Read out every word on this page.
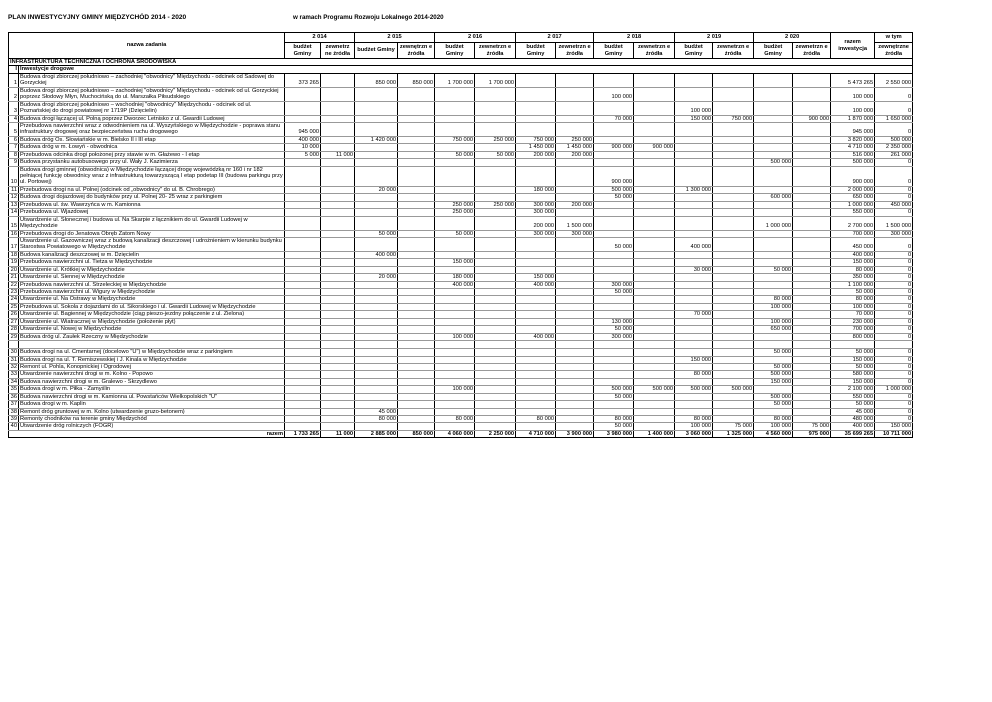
PLAN INWESTYCYJNY GMINY MIĘDZYCHÓD 2014 - 2020	w ramach Programu Rozwoju Lokalnego 2014-2020
nazwa zadania		2 014		2 015		2 016		2 017		2 018		2 019		2 020		razem inwestycja	w tym
		budżet Gminy	zewnetrz ne źródła	budżet Gminy	zewnętrzn e źródła	budżet Gminy	zewnetrzn e źródła	budżet Gminy	zewnetrzn e źródła	budżet Gminy	zewnetrzn e źródła	budżet Gminy	zewnetrzn e źródła	budżet Gminy	zewnetrzn e źródła		zewnętrzne źródła
INFRASTRUKTURA TECHNICZNA i OCHRONA ŚRODOWISKA																	
I	Inwestycje drogowe																
1	Budowa drogi zbiorczej południowo – zachodniej "obwodnicy" Międzychodu - odcinek od Sadowej do Gorzyckiej	373 265		850 000	850 000	1 700 000	1 700 000									5 473 265	2 550 000
2	Budowa drogi zbiorczej południowo – zachodniej "obwodnicy" Międzychodu - odcinek od ul. Gorzyckiej poprzez Słodowy Młyn, Muchocińską do ul. Marszałka Piłsudskiego									100 000						100 000	0
3	Budowa drogi zbiorczej południowo – wschodniej "obwodnicy" Międzychodu - odcinek od ul. Poznańskiej do drogi powiatowej nr 1719P (Dzięcielin)											100 000				100 000	0
4	Budowa drogi łączącej ul. Polną poprzez Dworzec Letnisko z ul. Gwardii Ludowej									70 000		150 000	750 000		900 000	1 870 000	1 650 000
5	Przebudowa nawierzchni wraz z odwodnieniem na ul. Wyszyńskiego w Międzychodzie - poprawa stanu infrastruktury drogowej oraz bezpieczeństwa ruchu drogowego	945 000														945 000	0
6	Budowa dróg Os. Słowiańskie w m. Bielsko II i III etap	400 000		1 420 000		750 000	250 000	750 000	250 000							3 820 000	500 000
7	Budowa dróg w m. Łowyń - obwodnica	10 000						1 450 000	1 450 000	900 000	900 000					4 710 000	2 350 000
8	Przebudowa odcinka drogi położonej przy stawie w m. Głażewo - I etap	5 000	11 000			50 000	50 000	200 000	200 000							516 000	261 000
9	Budowa przystanku autobusowego przy ul. Wały J. Kazimierza													500 000		500 000	0
10	Budowa drogi gminnej (obwodnica) w Międzychodzie łączącej drogę wojewódzką nr 160 i nr 182 pełniącej funkcję obwodnicy wraz z infrastrukturą towarzyszącą I etap podetap III (budowa parkingu przy ul. Portowej)									900 000						900 000	0
11	Przebudowa drogi na ul. Polnej (odcinek od „obwodnicy" do ul. B. Chrobrego)			20 000				180 000		500 000		1 300 000				2 000 000	0
12	Budowa drogi dojazdowej do budynków przy ul. Polnej 20- 25 wraz z parkingiem									50 000				600 000		650 000	0
13	Przebudowa ul. św. Wawrzyńca w m. Kamionna					250 000	250 000	300 000	200 000							1 000 000	450 000
14	Przebudowa ul. Wjazdowej					250 000		300 000								550 000	0
15	Utwardzenie ul. Słonecznej i budowa ul. Na Skarpie z łącznikiem do ul. Gwardii Ludowej w Międzychodzie							200 000	1 500 000					1 000 000		2 700 000	1 500 000
16	Przebudowa drogi do Jenatowa Obręb Zatom Nowy			50 000		50 000		300 000	300 000							700 000	300 000
17	Utwardzenie ul. Gazowniczej wraz z budową kanalizacji deszczowej i udrożnieniem w kierunku budynku Starostwa Powiatowego w Międzychodzie									50 000		400 000				450 000	0
18	Budowa kanalizacji deszczowej w m. Dzięcielin			400 000												400 000	0
19	Przebudowa nawierzchni ul. Tietza w Międzychodzie					150 000										150 000	0
20	Utwardzenie ul. Krótkiej w Międzychodzie											30 000		50 000		80 000	0
21	Utwardzenie ul. Siennej w Międzychodzie			20 000		180 000		150 000								350 000	0
22	Przebudowa nawierzchni ul. Strzeleckiej w Międzychodzie					400 000		400 000		300 000						1 100 000	0
23	Przebudowa nawierzchni ul. Wigury w Międzychodzie									50 000						50 000	0
24	Utwardzenie ul. Na Ostrawy w Międzychodzie													80 000		80 000	0
25	Przebudowa ul. Sokola z dojazdami do ul. Sikorskiego i ul. Gwardii Ludowej w Międzychodzie													100 000		100 000	0
26	Utwardzenie ul. Bagiennej w Międzychodzie (ciąg pieszo-jezdny połączenie z ul. Zielona)											70 000				70 000	0
27	Utwardzenie ul. Wiatracznej w Międzychodzie (położenie płyt)									130 000				100 000		230 000	0
28	Utwardzenie ul. Nowej w Międzychodzie									50 000				650 000		700 000	0
29	Budowa dróg ul. Zaułek Rzeczny w Międzychodzie					100 000		400 000		300 000						800 000	0

30	Budowa drogi na ul. Cmentarnej (docelowo "U") w Międzychodzie wraz z parkingiem													50 000		50 000	0
31	Budowa drogi na ul. T. Remiszewskiej i J. Kinala w Międzychodzie											150 000				150 000	0
32	Remont ul. Pohla, Konopnickiej i Ogrodowej													50 000		50 000	0
33	Utwardzenie nawierzchni drogi w m. Kolno - Popowo											80 000		500 000		580 000	0
34	Budowa nawierzchni drogi w m. Gralewo - Skrzydlewo													150 000		150 000	0
35	Budowa drogi w m. Piłka - Zamyślin					100 000				500 000	500 000	500 000	500 000			2 100 000	1 000 000
36	Budowa nawierzchni drogi w m. Kamionna ul. Powstańców Wielkopolskich "U"									50 000				500 000		550 000	0
37	Budowa drogi w m. Kaplin													50 000		50 000	0
38	Remont dróg gruntowej w m. Kolno (utwardzenie gruzo-betonem)			45 000												45 000	0
39	Remonty chodników na terenie gminy Międzychód			80 000		80 000		80 000		80 000		80 000		80 000		480 000	0
40	Utwardzenie dróg rolniczych (FOGR)									50 000		100 000	75 000	100 000	75 000	400 000	150 000
razem		1 733 265	11 000	2 885 000	850 000	4 060 000	2 250 000	4 710 000	3 900 000	3 980 000	1 400 000	3 060 000	1 325 000	4 560 000	975 000	35 699 265	10 711 000
